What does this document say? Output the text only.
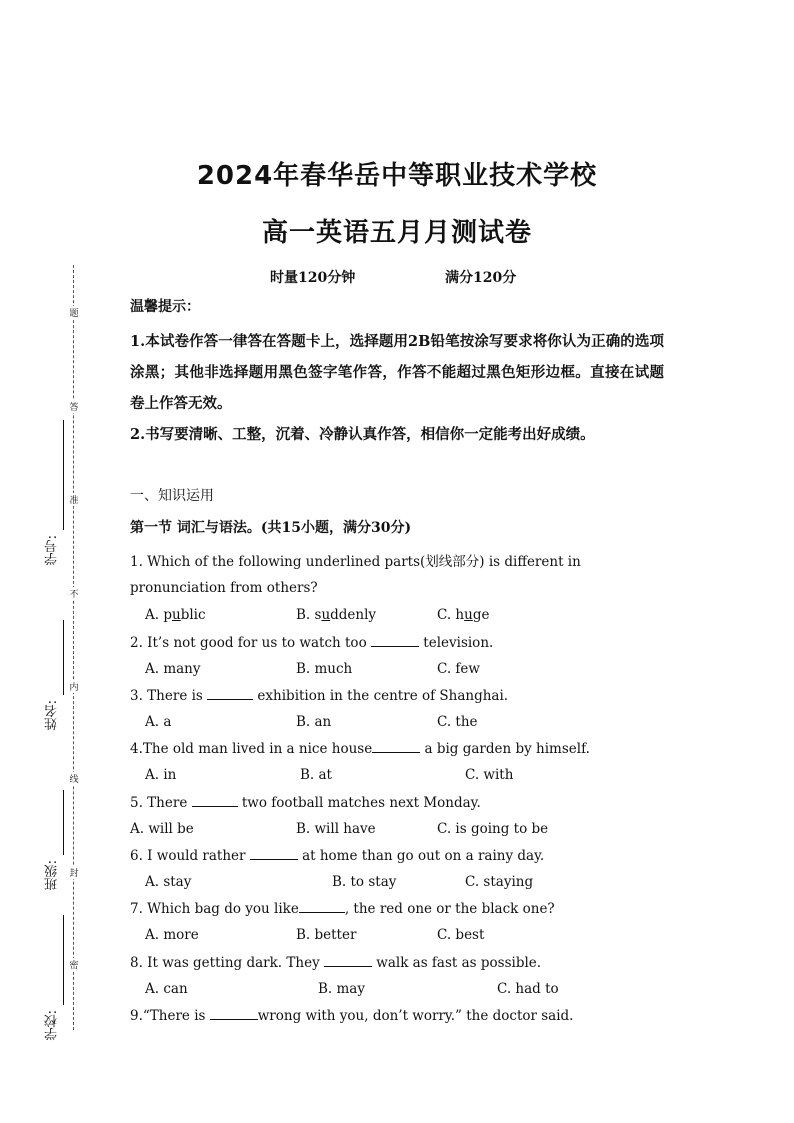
题
答
准
不
内
线
封
密
学号:
姓名:
班级:
学校:
2024年春华岳中等职业技术学校
高一英语五月月测试卷
时量120分钟	满分120分
温馨提示：

1.本试卷作答一律答在答题卡上，选择题用2B铅笔按涂写要求将你认为正确的选项涂黑；其他非选择题用黑色签字笔作答，作答不能超过黑色矩形边框。直接在试题卷上作答无效。

2.书写要清晰、工整，沉着、冷静认真作答，相信你一定能考出好成绩。

一、知识运用
第一节 词汇与语法。(共15小题，满分30分)
1. Which of the following underlined parts(划线部分) is different in pronunciation from others?
A. public	B. suddenly	C. huge
2. It’s not good for us to watch too	television.
A. many	B. much	C. few
3. There is	exhibition in the centre of Shanghai.
A. a	B. an	C. the
4.The old man lived in a nice house	a big garden by himself.
A. in	B. at	C. with
5. There	two football matches next Monday.
A. will be	B. will have	C. is going to be
6. I would rather	at home than go out on a rainy day.
A. stay	B. to stay	C. staying
7. Which bag do you like	, the red one or the black one?
A. more	B. better	C. best
8. It was getting dark. They	walk as fast as possible.
A. can	B. may	C. had to
9.“There is	wrong with you, don’t worry.” the doctor said.
